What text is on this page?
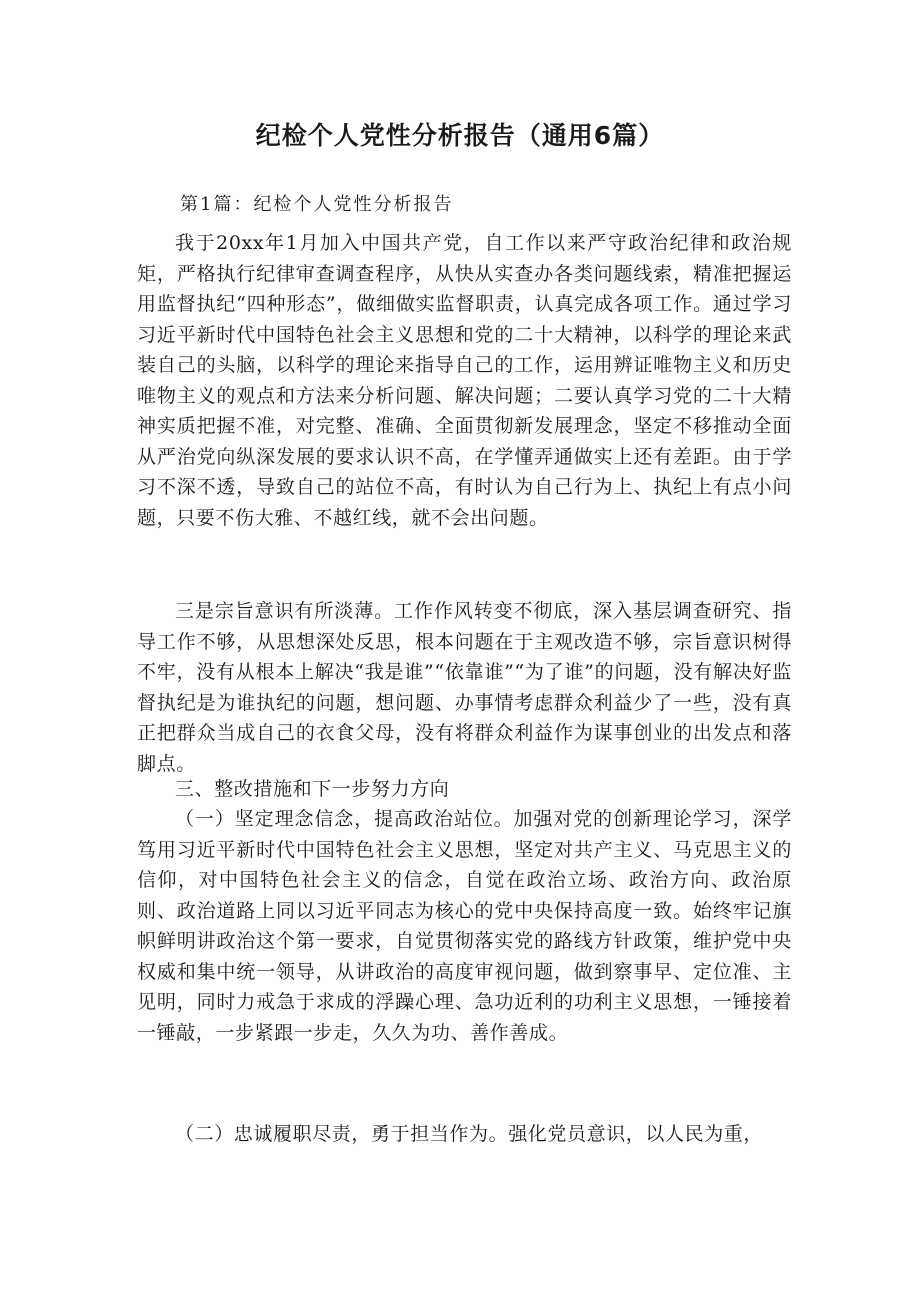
纪检个人党性分析报告（通用6篇）

第1篇：纪检个人党性分析报告

我于20xx年1月加入中国共产党，自工作以来严守政治纪律和政治规矩，严格执行纪律审查调查程序，从快从实查办各类问题线索，精准把握运用监督执纪“四种形态”，做细做实监督职责，认真完成各项工作。通过学习习近平新时代中国特色社会主义思想和党的二十大精神，以科学的理论来武装自己的头脑，以科学的理论来指导自己的工作，运用辨证唯物主义和历史唯物主义的观点和方法来分析问题、解决问题；二要认真学习党的二十大精神实质把握不准，对完整、准确、全面贯彻新发展理念，坚定不移推动全面从严治党向纵深发展的要求认识不高，在学懂弄通做实上还有差距。由于学习不深不透，导致自己的站位不高，有时认为自己行为上、执纪上有点小问题，只要不伤大雅、不越红线，就不会出问题。

三是宗旨意识有所淡薄。工作作风转变不彻底，深入基层调查研究、指导工作不够，从思想深处反思，根本问题在于主观改造不够，宗旨意识树得不牢，没有从根本上解决“我是谁”“依靠谁”“为了谁”的问题，没有解决好监督执纪是为谁执纪的问题，想问题、办事情考虑群众利益少了一些，没有真正把群众当成自己的衣食父母，没有将群众利益作为谋事创业的出发点和落脚点。

三、整改措施和下一步努力方向

（一）坚定理念信念，提高政治站位。加强对党的创新理论学习，深学笃用习近平新时代中国特色社会主义思想，坚定对共产主义、马克思主义的信仰，对中国特色社会主义的信念，自觉在政治立场、政治方向、政治原则、政治道路上同以习近平同志为核心的党中央保持高度一致。始终牢记旗帜鲜明讲政治这个第一要求，自觉贯彻落实党的路线方针政策，维护党中央权威和集中统一领导，从讲政治的高度审视问题，做到察事早、定位准、主见明，同时力戒急于求成的浮躁心理、急功近利的功利主义思想，一锤接着一锤敲，一步紧跟一步走，久久为功、善作善成。

（二）忠诚履职尽责，勇于担当作为。强化党员意识，以人民为重，
